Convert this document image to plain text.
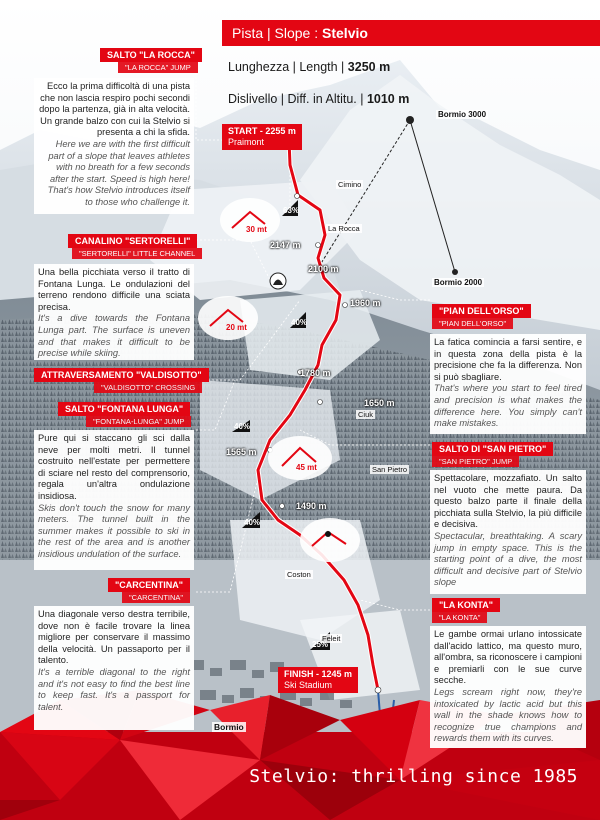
Pista | Slope : Stelvio
Lunghezza | Length | 3250 m
Dislivello | Diff. in Altitu. | 1010 m
START - 2255 m
Praimont
FINISH - 1245 m
Ski Stadium
2147 m
2100 m
1960 m
1780 m
1650 m
1565 m
1490 m
Bormio 3000
Cimino
La Rocca
Bormio 2000
Ciuk
San Pietro
Coston
Feleit
Bormio
30 mt
20 mt
45 mt
63%
40%
40%
40%
25%
SALTO "LA ROCCA"
"LA ROCCA" JUMP

Ecco la prima difficoltà di una pista che non lascia respiro pochi secondi dopo la partenza, già in alta velocità. Un grande balzo con cui la Stelvio si presenta a chi la sfida.

Here we are with the first difficult part of a slope that leaves athletes with no breath for a few seconds after the start. Speed is high here! That's how Stelvio introduces itself to those who challenge it.

CANALINO "SERTORELLI"
"SERTORELLI" LITTLE CHANNEL

Una bella picchiata verso il tratto di Fontana Lunga. Le ondulazioni del terreno rendono difficile una sciata precisa.

It's a dive towards the Fontana Lunga part. The surface is uneven and that makes it difficult to be precise while skiing.

ATTRAVERSAMENTO "VALDISOTTO"
"VALDISOTTO" CROSSING
SALTO "FONTANA LUNGA"
"FONTANA-LUNGA" JUMP

Pure qui si staccano gli sci dalla neve per molti metri. Il tunnel costruito nell'estate per permettere di sciare nel resto del comprensorio, regala un'altra ondulazione insidiosa.

Skis don't touch the snow for many meters. The tunnel built in the summer makes it possible to ski in the rest of the area and is another insidious undulation of the surface.

"CARCENTINA"
"CARCENTINA"

Una diagonale verso destra terribile, dove non è facile trovare la linea migliore per conservare il massimo della velocità. Un passaporto per il talento.

It's a terrible diagonal to the right and it's not easy to find the best line to keep fast. It's a passport for talent.

"PIAN DELL'ORSO"
"PIAN DELL'ORSO"

La fatica comincia a farsi sentire, e in questa zona della pista è la precisione che fa la differenza. Non si può sbagliare.

That's where you start to feel tired and precision is what makes the difference here. You simply can't make mistakes.

SALTO DI "SAN PIETRO"
"SAN PIETRO" JUMP

Spettacolare, mozzafiato. Un salto nel vuoto che mette paura. Da questo balzo parte il finale della picchiata sulla Stelvio, la più difficile e decisiva.

Spectacular, breathtaking. A scary jump in empty space. This is the starting point of a dive, the most difficult and decisive part of Stelvio slope

"LA KONTA"
"LA KONTA"

Le gambe ormai urlano intossicate dall'acido lattico, ma questo muro, all'ombra, sa riconoscere i campioni e premiarli con le sue curve secche.

Legs scream right now, they're intoxicated by lactic acid but this wall in the shade knows how to recognize true champions and rewards them with its curves.

Stelvio: thrilling since 1985
